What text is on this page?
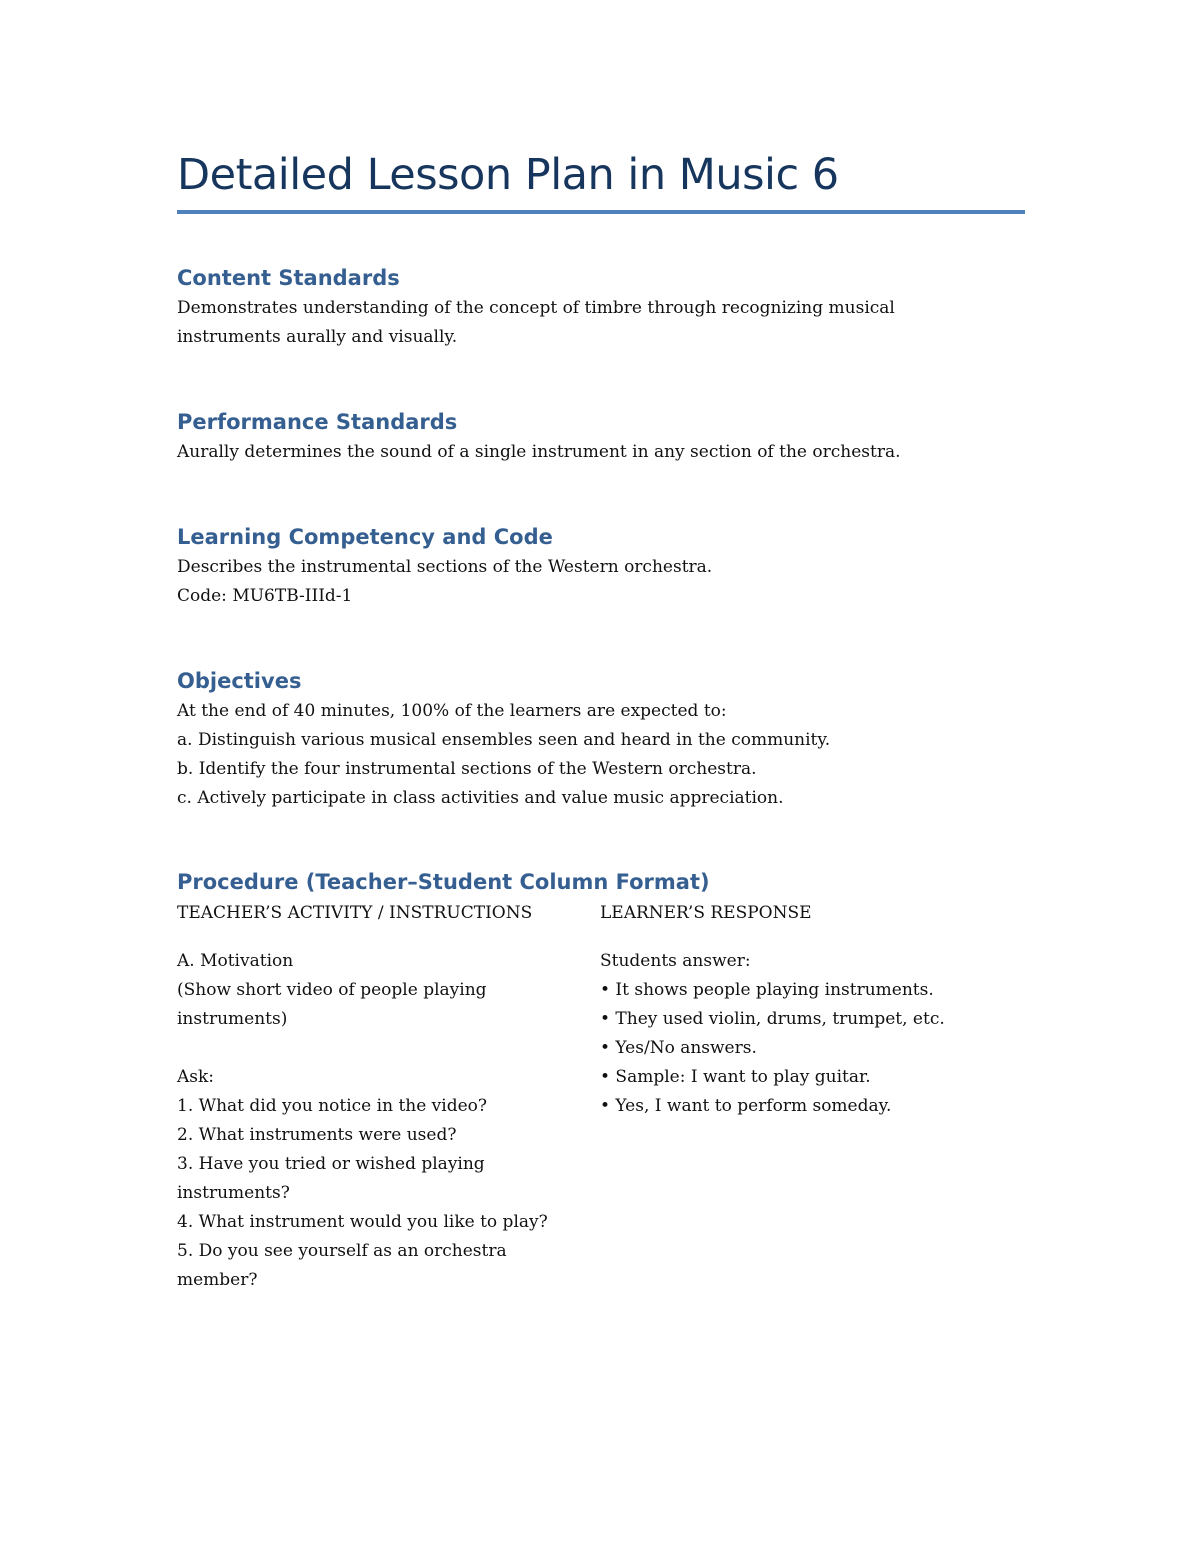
Detailed Lesson Plan in Music 6
Content Standards

Demonstrates understanding of the concept of timbre through recognizing musical

instruments aurally and visually.

Performance Standards

Aurally determines the sound of a single instrument in any section of the orchestra.

Learning Competency and Code

Describes the instrumental sections of the Western orchestra.

Code: MU6TB-IIId-1

Objectives

At the end of 40 minutes, 100% of the learners are expected to:

a. Distinguish various musical ensembles seen and heard in the community.

b. Identify the four instrumental sections of the Western orchestra.

c. Actively participate in class activities and value music appreciation.

Procedure (Teacher–Student Column Format)

TEACHER’S ACTIVITY / INSTRUCTIONS

A. Motivation

(Show short video of people playing

instruments)

Ask:

1. What did you notice in the video?

2. What instruments were used?

3. Have you tried or wished playing

instruments?

4. What instrument would you like to play?

5. Do you see yourself as an orchestra

member?

LEARNER’S RESPONSE

Students answer:

• It shows people playing instruments.

• They used violin, drums, trumpet, etc.

• Yes/No answers.

• Sample: I want to play guitar.

• Yes, I want to perform someday.
